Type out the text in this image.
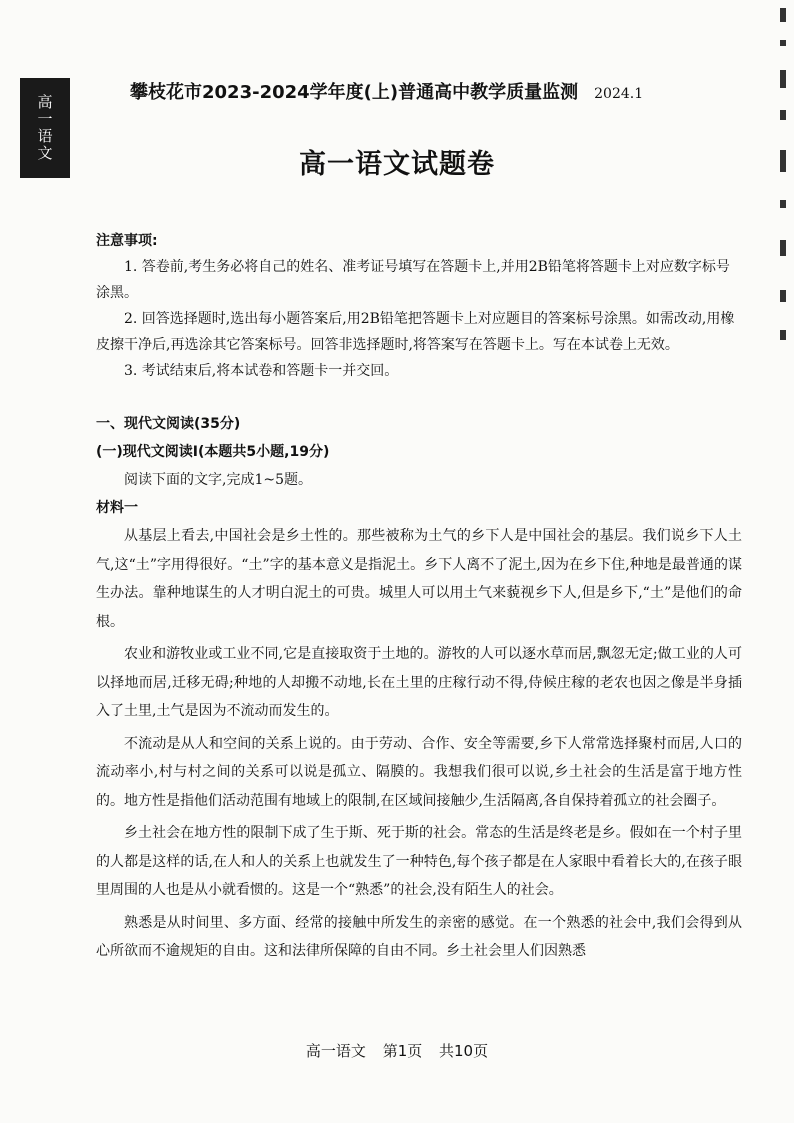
高一语文
攀枝花市2023-2024学年度(上)普通高中教学质量监测 2024.1
高一语文试题卷

注意事项:

1. 答卷前,考生务必将自己的姓名、准考证号填写在答题卡上,并用2B铅笔将答题卡上对应数字标号涂黑。

2. 回答选择题时,选出每小题答案后,用2B铅笔把答题卡上对应题目的答案标号涂黑。如需改动,用橡皮擦干净后,再选涂其它答案标号。回答非选择题时,将答案写在答题卡上。写在本试卷上无效。

3. 考试结束后,将本试卷和答题卡一并交回。

一、现代文阅读(35分)

(一)现代文阅读Ⅰ(本题共5小题,19分)

阅读下面的文字,完成1~5题。

材料一

从基层上看去,中国社会是乡土性的。那些被称为土气的乡下人是中国社会的基层。我们说乡下人土气,这“土”字用得很好。“土”字的基本意义是指泥土。乡下人离不了泥土,因为在乡下住,种地是最普通的谋生办法。靠种地谋生的人才明白泥土的可贵。城里人可以用土气来藐视乡下人,但是乡下,“土”是他们的命根。

农业和游牧业或工业不同,它是直接取资于土地的。游牧的人可以逐水草而居,飘忽无定;做工业的人可以择地而居,迁移无碍;种地的人却搬不动地,长在土里的庄稼行动不得,侍候庄稼的老农也因之像是半身插入了土里,土气是因为不流动而发生的。

不流动是从人和空间的关系上说的。由于劳动、合作、安全等需要,乡下人常常选择聚村而居,人口的流动率小,村与村之间的关系可以说是孤立、隔膜的。我想我们很可以说,乡土社会的生活是富于地方性的。地方性是指他们活动范围有地域上的限制,在区域间接触少,生活隔离,各自保持着孤立的社会圈子。

乡土社会在地方性的限制下成了生于斯、死于斯的社会。常态的生活是终老是乡。假如在一个村子里的人都是这样的话,在人和人的关系上也就发生了一种特色,每个孩子都是在人家眼中看着长大的,在孩子眼里周围的人也是从小就看惯的。这是一个“熟悉”的社会,没有陌生人的社会。

熟悉是从时间里、多方面、经常的接触中所发生的亲密的感觉。在一个熟悉的社会中,我们会得到从心所欲而不逾规矩的自由。这和法律所保障的自由不同。乡土社会里人们因熟悉

高一语文 第1页 共10页
